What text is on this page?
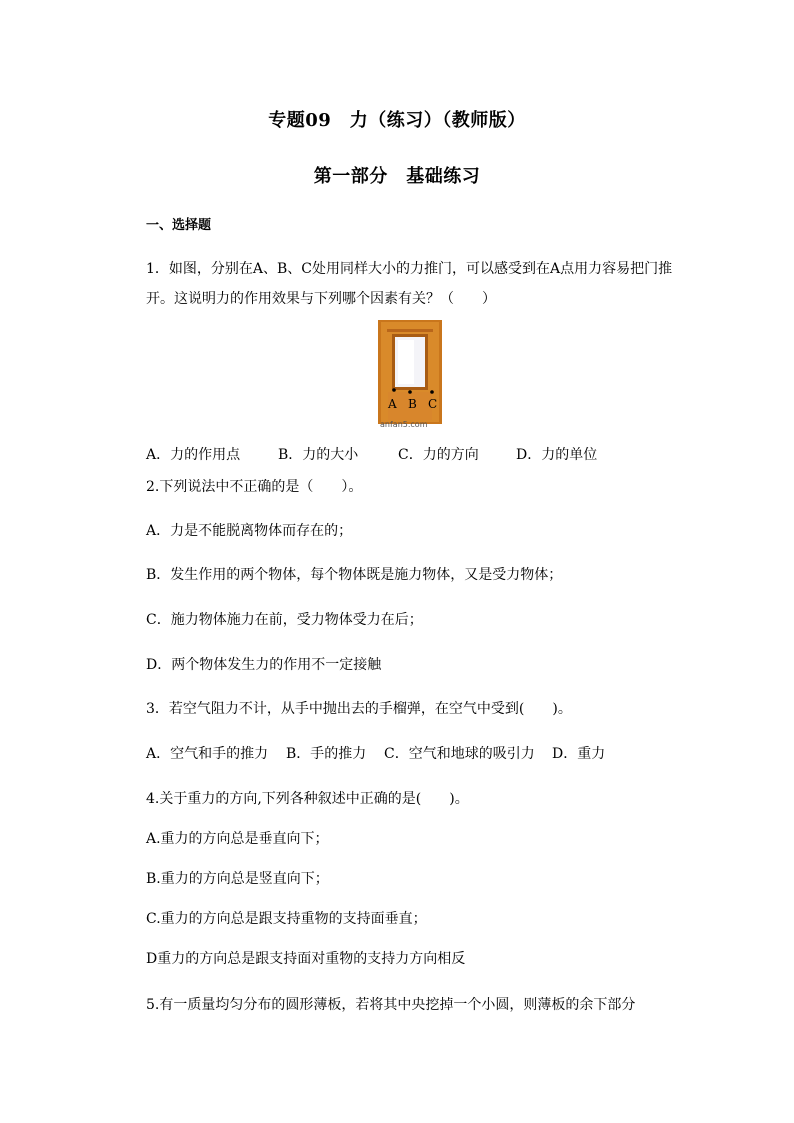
专题09　力（练习）（教师版）
第一部分　基础练习
一、选择题
1．如图，分别在A、B、C处用同样大小的力推门，可以感受到在A点用力容易把门推
开。这说明力的作用效果与下列哪个因素有关？（　　）
A B C
anfan5.com
A．力的作用点	B．力的大小	C．力的方向	D．力的单位
2.下列说法中不正确的是（　　）。
A．力是不能脱离物体而存在的；
B．发生作用的两个物体，每个物体既是施力物体，又是受力物体；
C．施力物体施力在前，受力物体受力在后；
D．两个物体发生力的作用不一定接触
3．若空气阻力不计，从手中抛出去的手榴弹，在空气中受到(　　)。
A．空气和手的推力	B．手的推力	C．空气和地球的吸引力	D．重力
4.关于重力的方向,下列各种叙述中正确的是(　　)。
A.重力的方向总是垂直向下；
B.重力的方向总是竖直向下；
C.重力的方向总是跟支持重物的支持面垂直；
D重力的方向总是跟支持面对重物的支持力方向相反
5.有一质量均匀分布的圆形薄板，若将其中央挖掉一个小圆，则薄板的余下部分
